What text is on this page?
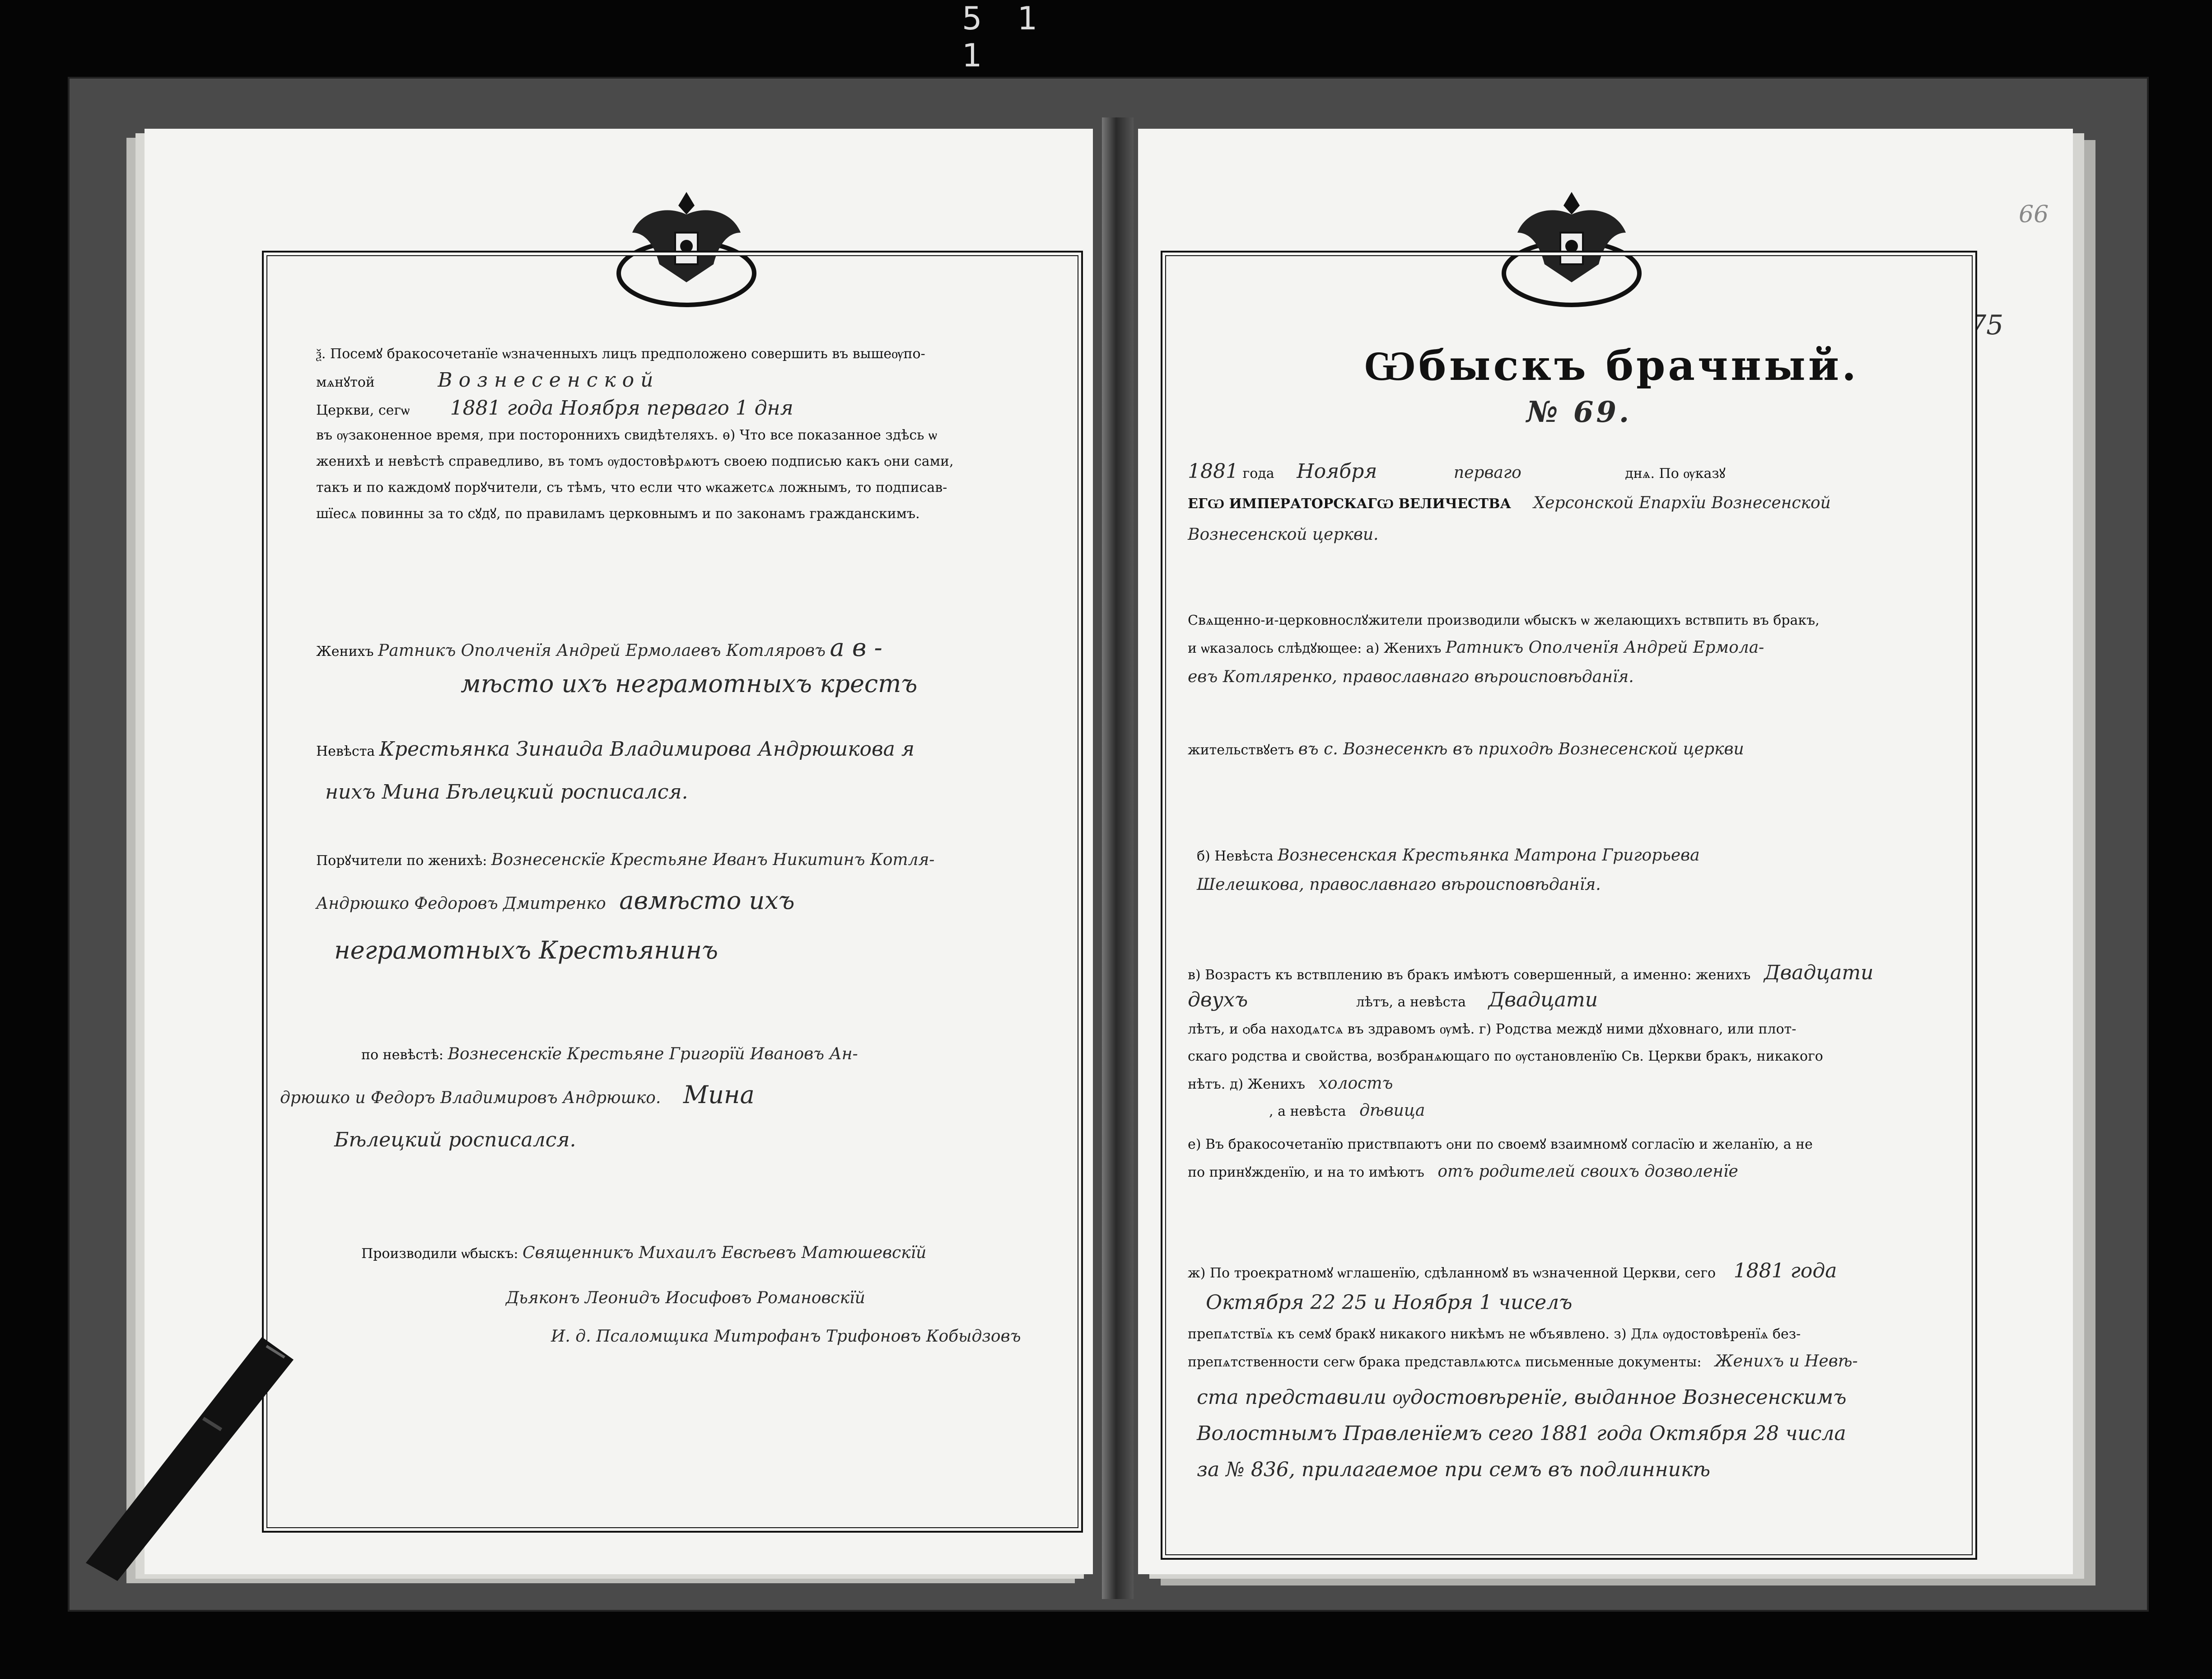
5 1 1
ѯ. Посемꙋ бракосочетанїе ѡзначенныхъ лицъ предположено совершить въ вышеѹпо-
мѧнꙋтой	В о з н е с е н с к о й
Церкви, сегѡ 1881 года Ноября перваго 1 дня
въ ѹзаконенное время, при постороннихъ свидѣтеляхъ. ѳ) Что все показанное здѣсь ѡ
женихѣ и невѣстѣ справедливо, въ томъ ѹдостовѣрѧютъ своею подписью какъ ѻни сами,
такъ и по каждомꙋ порꙋчители, съ тѣмъ, что если что ѡкажетсѧ ложнымъ, то подписав-
шїесѧ повинны за то сꙋдꙋ, по правиламъ церковнымъ и по законамъ гражданскимъ.
Женихъ Ратникъ Ополченїя Андрей Ермолаевъ Котляровъ а в -
мѣсто ихъ неграмотныхъ крестъ
Невѣста Крестьянка Зинаида Владимирова Андрюшкова я
нихъ Мина Бѣлецкий росписался.
Порꙋчители по женихѣ: Вознесенскїе Крестьяне Иванъ Никитинъ Котля-
Андрюшко Федоровъ Дмитренко авмѣсто ихъ
неграмотныхъ Крестьянинъ
по невѣстѣ: Вознесенскїе Крестьяне Григорїй Ивановъ Ан-
дрюшко и Федоръ Владимировъ Андрюшко. Мина
Бѣлецкий росписался.
Производили ѡбыскъ: Священникъ Михаилъ Евсѣевъ Матюшевскїй
Дьяконъ Леонидъ Иосифовъ Романовскїй
И. д. Псаломщика Митрофанъ Трифоновъ Кобыдзовъ
66
75
Ѡбыскъ брачный.
№ 69.
1881 года Ноября	перваго	днѧ. По ѹказꙋ
ЕГѠ ИМПЕРАТОРСКАГѠ ВЕЛИЧЕСТВА Херсонской Епархїи Вознесенской
Вознесенской церкви.
Свѧщенно-и-церковнослꙋжители производили ѡбыскъ ѡ желающихъ вствпить въ бракъ,
и ѡказалось слѣдꙋющее: а) Женихъ Ратникъ Ополченїя Андрей Ермола-
евъ Котляренко, православнаго вѣроисповѣданїя.
жительствꙋетъ въ с. Вознесенкѣ въ приходѣ Вознесенской церкви
б) Невѣста Вознесенская Крестьянка Матрона Григорьева
Шелешкова, православнаго вѣроисповѣданїя.
в) Возрастъ къ вствплению въ бракъ имѣютъ совершенный, а именно: женихъ Двадцати
двухъ	лѣтъ, а невѣста Двадцати
лѣтъ, и ѻба находѧтсѧ въ здравомъ ѹмѣ. г) Родства междꙋ ними дꙋховнаго, или плот-
скаго родства и свойства, возбранѧющаго по ѹстановленїю Св. Церкви бракъ, никакого
нѣтъ. д) Женихъ холостъ
, а невѣста дѣвица
е) Въ бракосочетанїю приствпаютъ ѻни по своемꙋ взаимномꙋ согласїю и желанїю, а не
по принꙋжденїю, и на то имѣютъ отъ родителей своихъ дозволенїе
ж) По троекратномꙋ ѡглашенїю, сдѣланномꙋ въ ѡзначенной Церкви, сего 1881 года
Октября 22 25 и Ноября 1 чиселъ
препѧтствїѧ къ семꙋ бракꙋ никакого никѣмъ не ѡбъявлено. з) Длѧ ѹдостовѣренїѧ без-
препѧтственности сегѡ брака представлѧютсѧ письменные документы: Женихъ и Невѣ-
ста представили ѹдостовѣренїе, выданное Вознесенскимъ
Волостнымъ Правленїемъ сего 1881 года Октября 28 числа
за № 836, прилагаемое при семъ въ подлинникѣ
